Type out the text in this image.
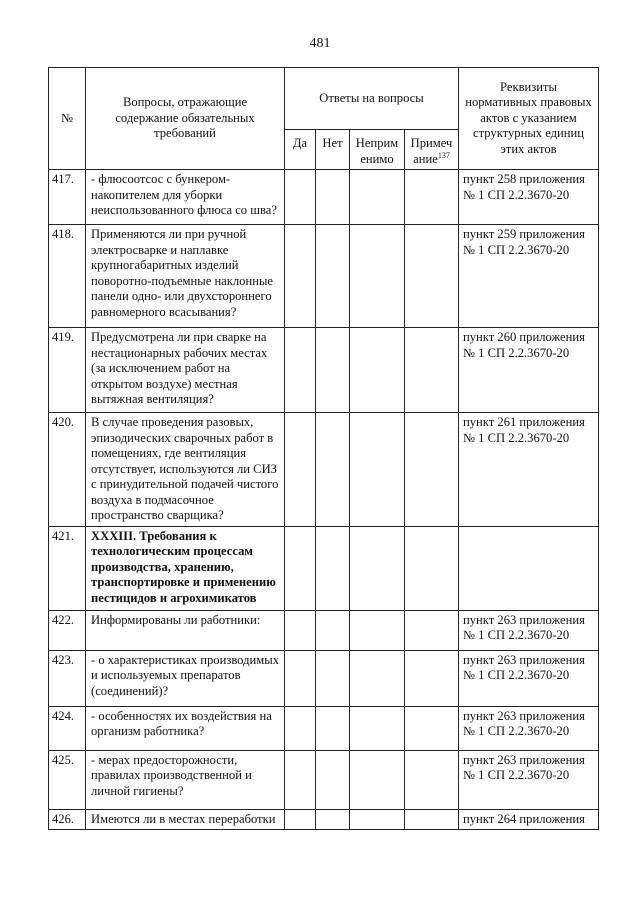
481
№	Вопросы, отражающие содержание обязательных требований	Ответы на вопросы				Реквизиты нормативных правовых актов с указанием структурных единиц этих актов
		Да	Нет	Неприм енимо	Примеч ание$^{137}$
417.	- флюсоотсос с бункером-накопителем для уборки неиспользованного флюса со шва?					пункт 258 приложения № 1 СП 2.2.3670-20
418.	Применяются ли при ручной электросварке и наплавке крупногабаритных изделий поворотно-подъемные наклонные панели одно- или двухстороннего равномерного всасывания?					пункт 259 приложения № 1 СП 2.2.3670-20
419.	Предусмотрена ли при сварке на нестационарных рабочих местах (за исключением работ на открытом воздухе) местная вытяжная вентиляция?					пункт 260 приложения № 1 СП 2.2.3670-20
420.	В случае проведения разовых, эпизодических сварочных работ в помещениях, где вентиляция отсутствует, используются ли СИЗ с принудительной подачей чистого воздуха в подмасочное пространство сварщика?					пункт 261 приложения № 1 СП 2.2.3670-20
421.	XXXIII. Требования к технологическим процессам производства, хранению, транспортировке и применению пестицидов и агрохимикатов					
422.	Информированы ли работники:					пункт 263 приложения № 1 СП 2.2.3670-20
423.	- о характеристиках производимых и используемых препаратов (соединений)?					пункт 263 приложения № 1 СП 2.2.3670-20
424.	- особенностях их воздействия на организм работника?					пункт 263 приложения № 1 СП 2.2.3670-20
425.	- мерах предосторожности, правилах производственной и личной гигиены?					пункт 263 приложения № 1 СП 2.2.3670-20
426.	Имеются ли в местах переработки					пункт 264 приложения
